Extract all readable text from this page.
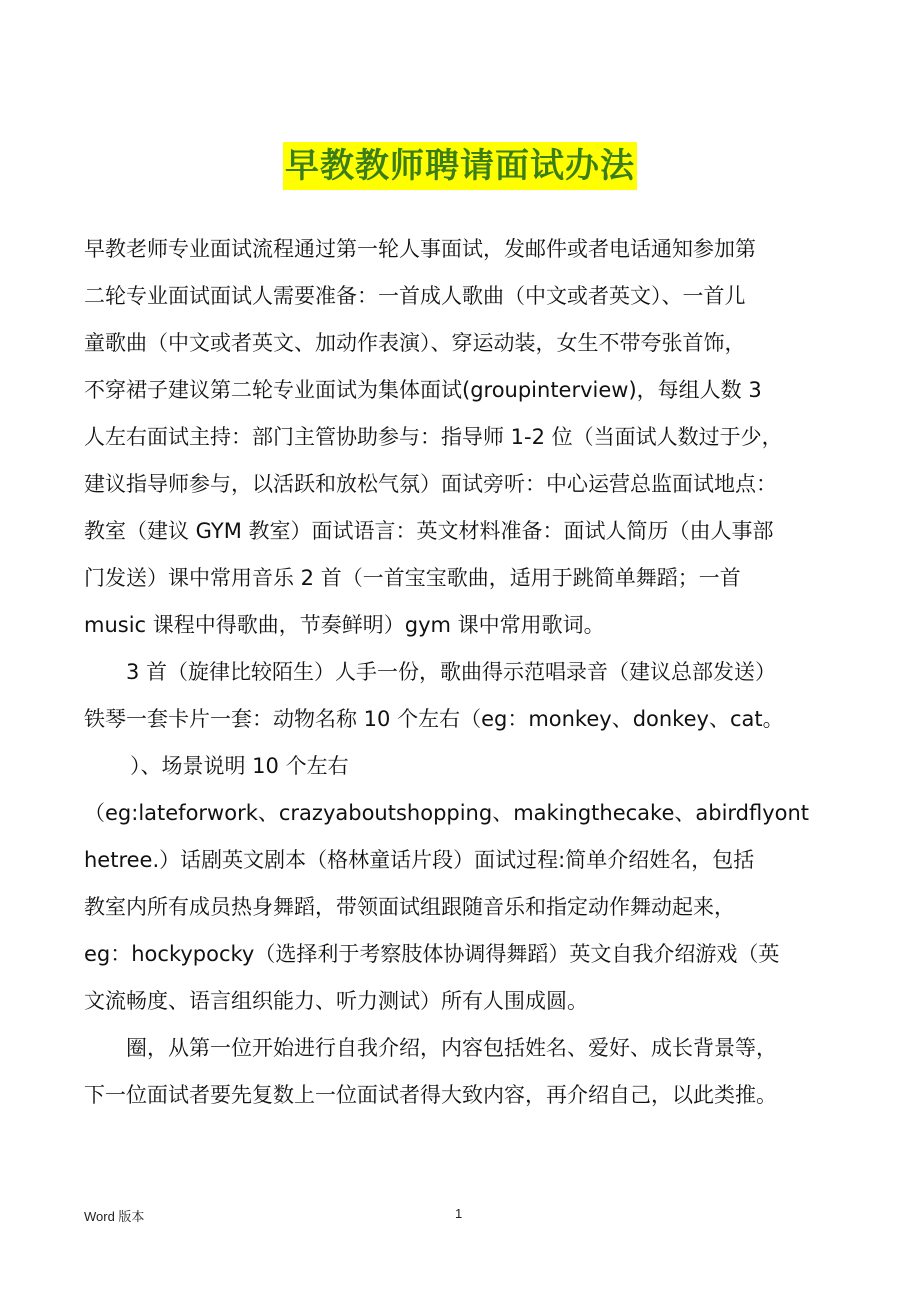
早教教师聘请面试办法
早教老师专业面试流程通过第一轮人事面试，发邮件或者电话通知参加第
二轮专业面试面试人需要准备：一首成人歌曲（中文或者英文）、一首儿
童歌曲（中文或者英文、加动作表演）、穿运动装，女生不带夸张首饰，
不穿裙子建议第二轮专业面试为集体面试(groupinterview)，每组人数 3
人左右面试主持：部门主管协助参与：指导师 1-2 位（当面试人数过于少，
建议指导师参与，以活跃和放松气氛）面试旁听：中心运营总监面试地点：
教室（建议 GYM 教室）面试语言：英文材料准备：面试人简历（由人事部
门发送）课中常用音乐 2 首（一首宝宝歌曲，适用于跳简单舞蹈；一首
music 课程中得歌曲，节奏鲜明）gym 课中常用歌词。
3 首（旋律比较陌生）人手一份，歌曲得示范唱录音（建议总部发送）
铁琴一套卡片一套：动物名称 10 个左右（eg：monkey、donkey、cat。
）、场景说明 10 个左右
（eg:lateforwork、crazyaboutshopping、makingthecake、abirdflyont
hetree.）话剧英文剧本（格林童话片段）面试过程:简单介绍姓名，包括
教室内所有成员热身舞蹈，带领面试组跟随音乐和指定动作舞动起来，
eg：hockypocky（选择利于考察肢体协调得舞蹈）英文自我介绍游戏（英
文流畅度、语言组织能力、听力测试）所有人围成圆。
圈，从第一位开始进行自我介绍，内容包括姓名、爱好、成长背景等，
下一位面试者要先复数上一位面试者得大致内容，再介绍自己，以此类推。
Word 版本	1
